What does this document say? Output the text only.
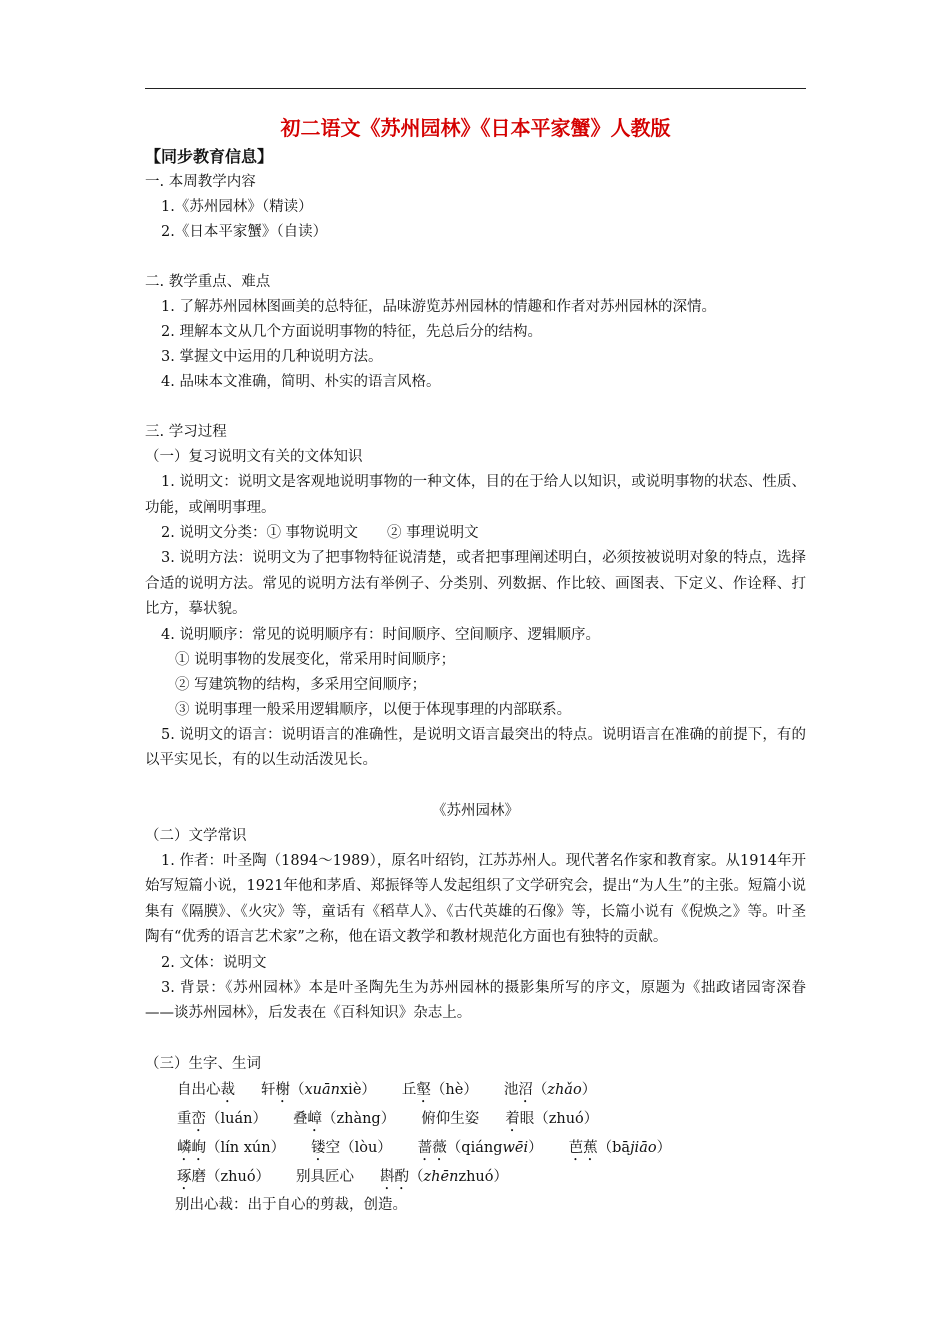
初二语文《苏州园林》《日本平家蟹》人教版
【同步教育信息】

一. 本周教学内容

1.《苏州园林》（精读）

2.《日本平家蟹》（自读）

二. 教学重点、难点

1. 了解苏州园林图画美的总特征，品味游览苏州园林的情趣和作者对苏州园林的深情。

2. 理解本文从几个方面说明事物的特征，先总后分的结构。

3. 掌握文中运用的几种说明方法。

4. 品味本文准确，简明、朴实的语言风格。

三. 学习过程

（一）复习说明文有关的文体知识

1. 说明文：说明文是客观地说明事物的一种文体，目的在于给人以知识，或说明事物的状态、性质、功能，或阐明事理。

2. 说明文分类：① 事物说明文　　② 事理说明文

3. 说明方法：说明文为了把事物特征说清楚，或者把事理阐述明白，必须按被说明对象的特点，选择合适的说明方法。常见的说明方法有举例子、分类别、列数据、作比较、画图表、下定义、作诠释、打比方，摹状貌。

4. 说明顺序：常见的说明顺序有：时间顺序、空间顺序、逻辑顺序。

① 说明事物的发展变化，常采用时间顺序；

② 写建筑物的结构，多采用空间顺序；

③ 说明事理一般采用逻辑顺序，以便于体现事理的内部联系。

5. 说明文的语言：说明语言的准确性，是说明文语言最突出的特点。说明语言在准确的前提下，有的以平实见长，有的以生动活泼见长。

《苏州园林》

（二）文学常识

1. 作者：叶圣陶（1894～1989），原名叶绍钧，江苏苏州人。现代著名作家和教育家。从1914年开始写短篇小说，1921年他和茅盾、郑振铎等人发起组织了文学研究会，提出“为人生”的主张。短篇小说集有《隔膜》、《火灾》等，童话有《稻草人》、《古代英雄的石像》等，长篇小说有《倪焕之》等。叶圣陶有“优秀的语言艺术家”之称，他在语文教学和教材规范化方面也有独特的贡献。

2. 文体：说明文

3. 背景：《苏州园林》本是叶圣陶先生为苏州园林的摄影集所写的序文，原题为《拙政诸园寄深眷——谈苏州园林》，后发表在《百科知识》杂志上。

（三）生字、生词

自出心裁 轩榭（xuānxiè） 丘壑（hè） 池沼（zhǎo）
重峦（luán） 叠嶂（zhàng） 俯仰生姿 着眼（zhuó）
嶙峋（lín xún） 镂空（lòu） 蔷薇（qiángwēi） 芭蕉（bājiāo）
琢磨（zhuó） 别具匠心 斟酌（zhēnzhuó）

别出心裁：出于自心的剪裁，创造。
